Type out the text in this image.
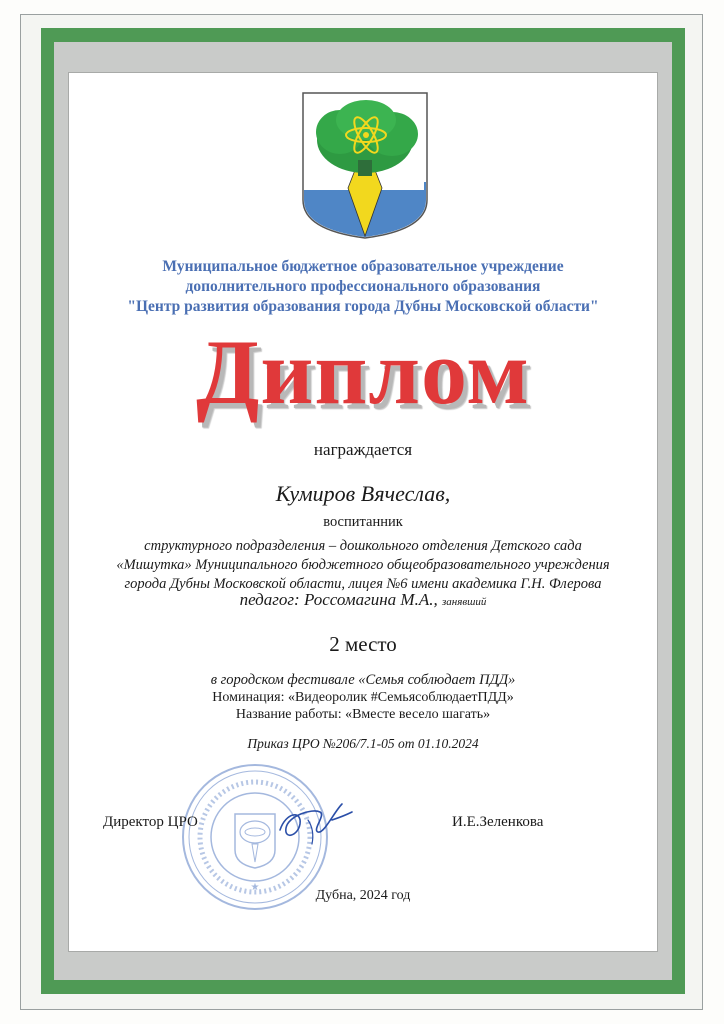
Муниципальное бюджетное образовательное учреждение
дополнительного профессионального образования
"Центр развития образования города Дубны Московской области"
Диплом
награждается
Кумиров Вячеслав,
воспитанник
структурного подразделения – дошкольного отделения Детского сада
«Мишутка» Муниципального бюджетного общеобразовательного учреждения
города Дубны Московской области, лицея №6 имени академика Г.Н. Флерова
педагог: Россомагина М.А., занявший
2 место
в городском фестивале «Семья соблюдает ПДД»
Номинация: «Видеоролик #СемьясоблюдаетПДД»
Название работы: «Вместе весело шагать»
Приказ ЦРО №206/7.1-05 от 01.10.2024
★
Директор ЦРО	И.Е.Зеленкова
Дубна, 2024 год
